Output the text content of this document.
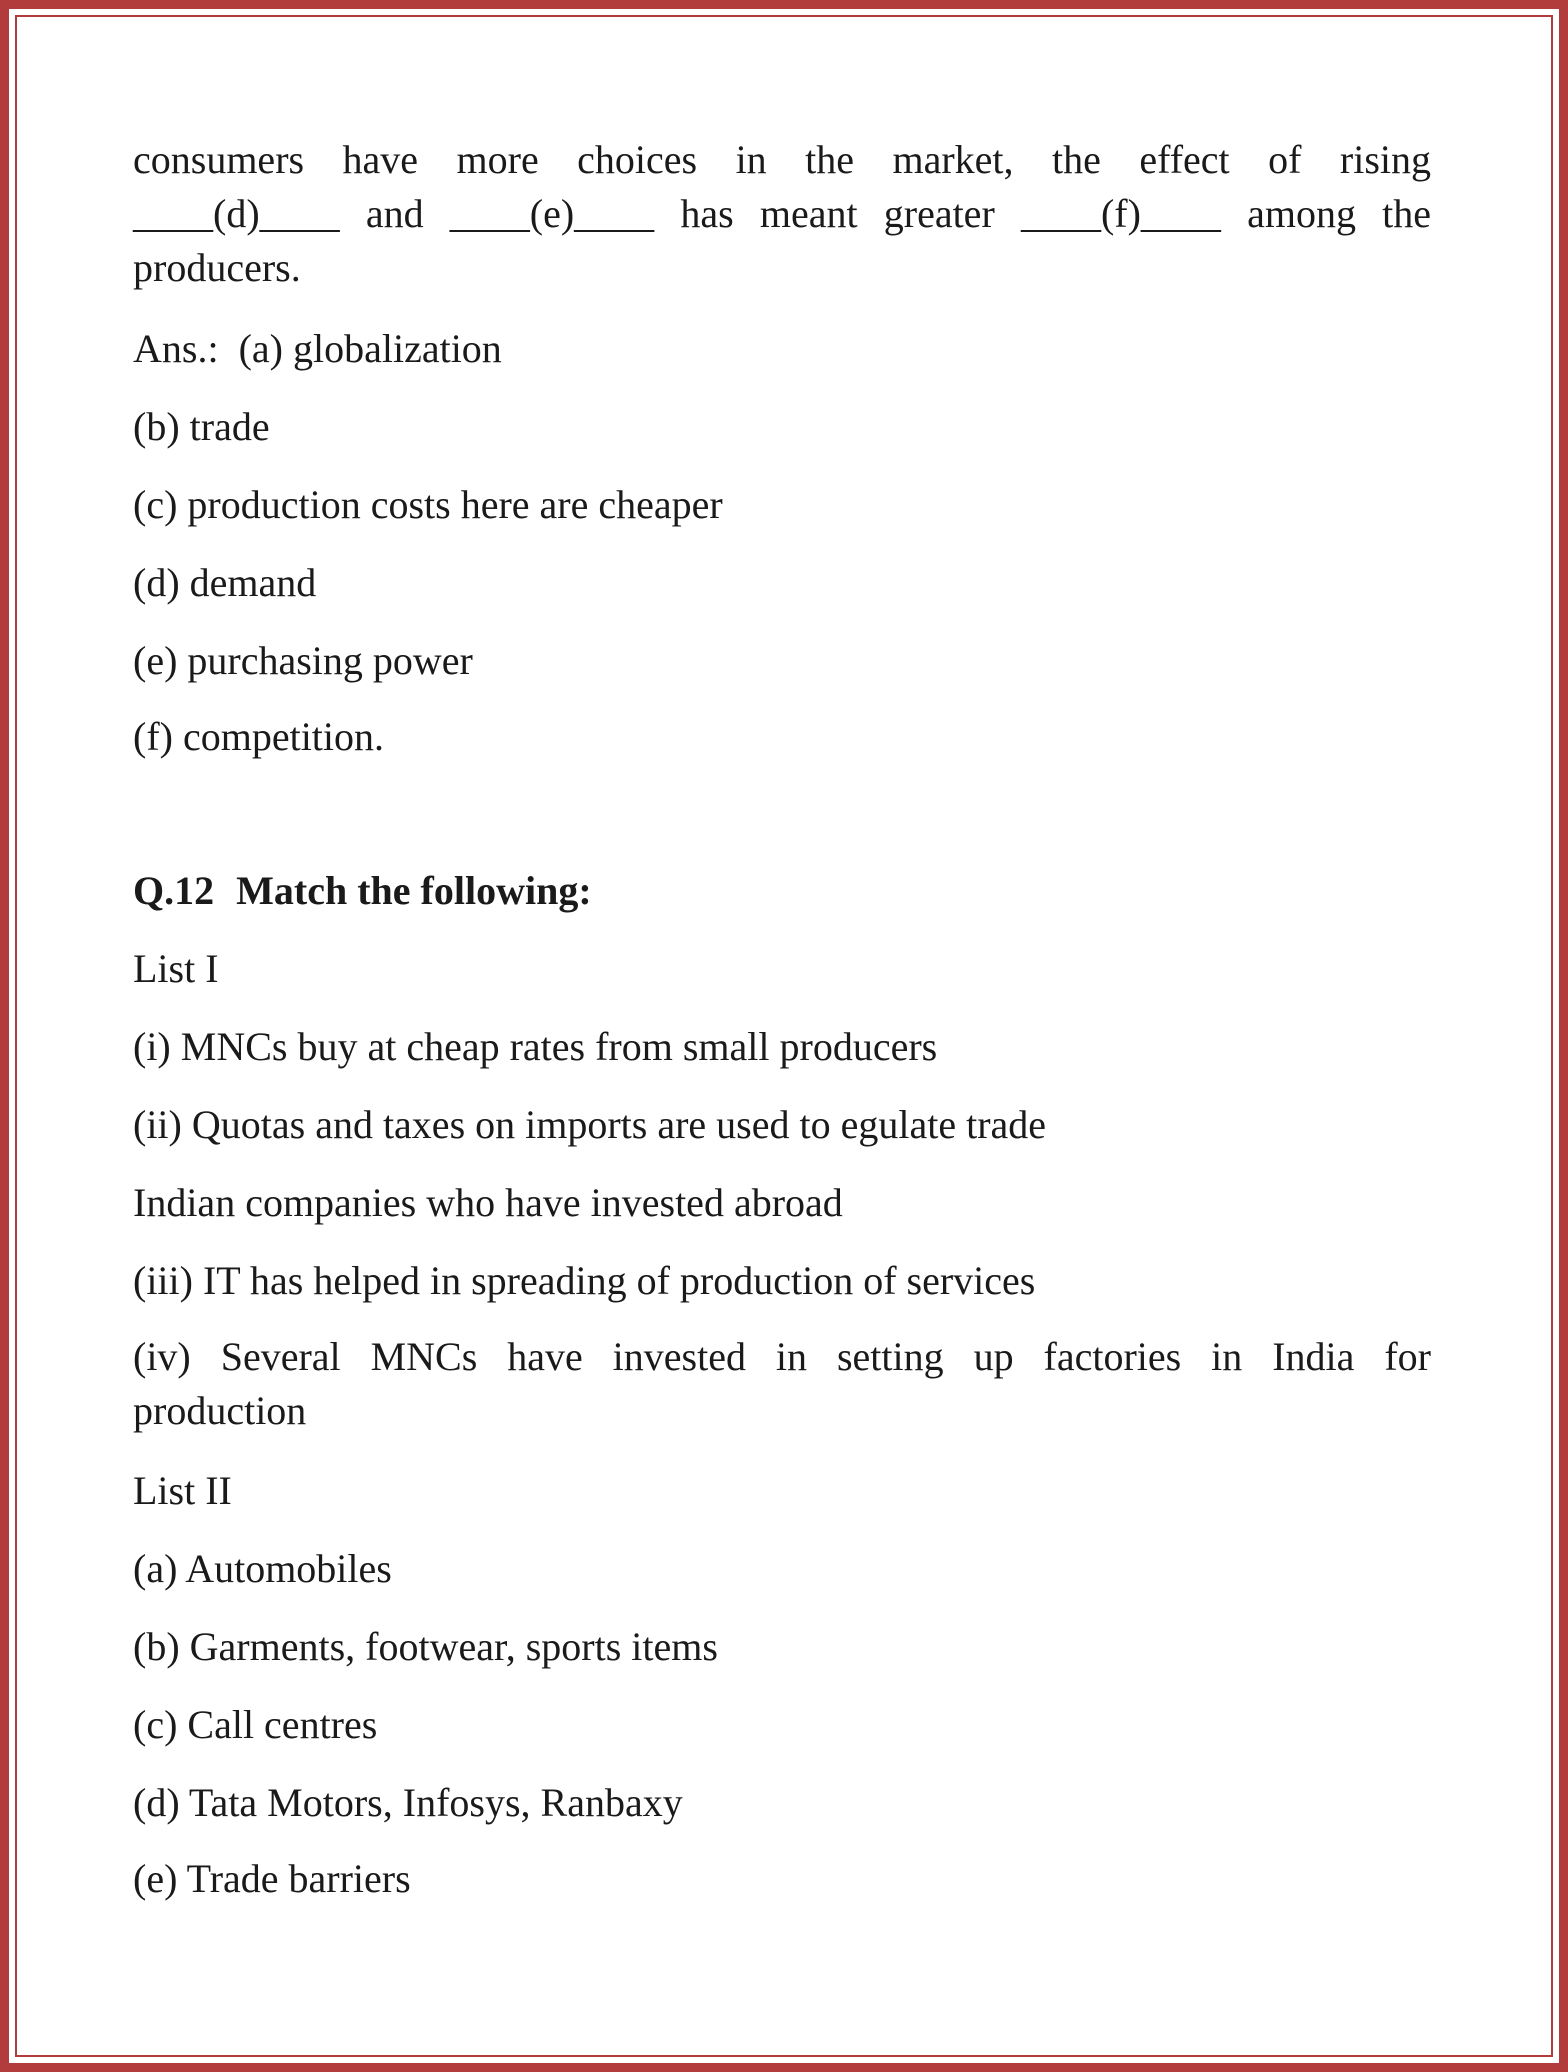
consumers have more choices in the market, the effect of rising
____(d)____ and ____(e)____ has meant greater ____(f)____ among the
producers.
Ans.: (a) globalization
(b) trade
(c) production costs here are cheaper
(d) demand
(e) purchasing power
(f) competition.
Q.12 Match the following:
List I
(i) MNCs buy at cheap rates from small producers
(ii) Quotas and taxes on imports are used to egulate trade
Indian companies who have invested abroad
(iii) IT has helped in spreading of production of services
(iv) Several MNCs have invested in setting up factories in India for
production
List II
(a) Automobiles
(b) Garments, footwear, sports items
(c) Call centres
(d) Tata Motors, Infosys, Ranbaxy
(e) Trade barriers
